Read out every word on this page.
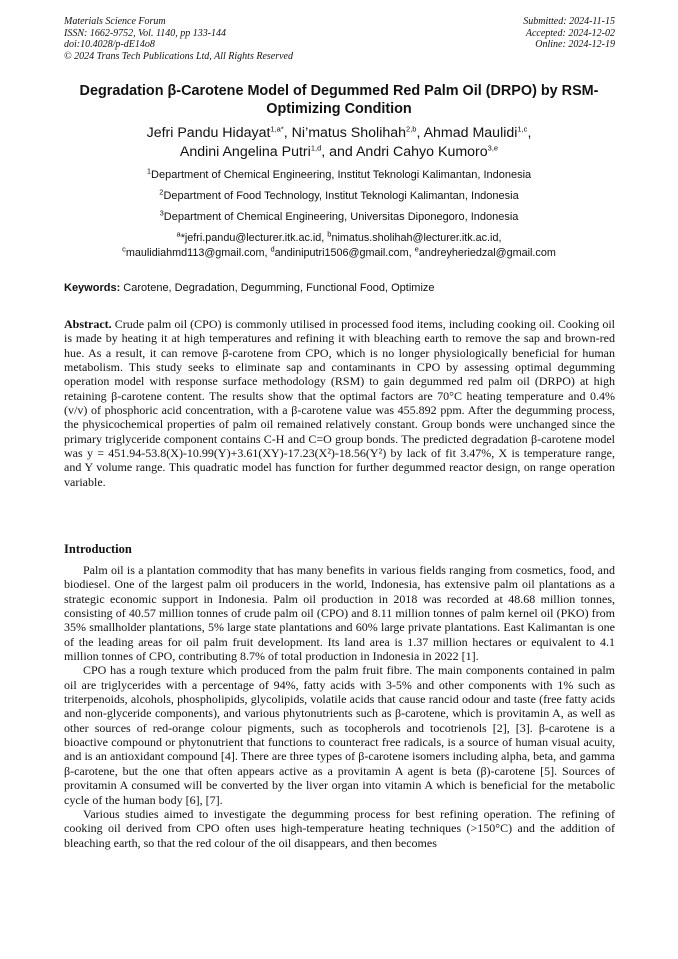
Materials Science Forum
ISSN: 1662-9752, Vol. 1140, pp 133-144
doi:10.4028/p-dE14o8
© 2024 Trans Tech Publications Ltd, All Rights Reserved
Submitted: 2024-11-15
Accepted: 2024-12-02
Online: 2024-12-19
Degradation β-Carotene Model of Degummed Red Palm Oil (DRPO) by RSM-Optimizing Condition
Jefri Pandu Hidayat$^{1,a*}$, Ni’matus Sholihah$^{2,b}$, Ahmad Maulidi$^{1,c}$,
Andini Angelina Putri$^{1,d}$, and Andri Cahyo Kumoro$^{3,e}$
$^1$Department of Chemical Engineering, Institut Teknologi Kalimantan, Indonesia
$^2$Department of Food Technology, Institut Teknologi Kalimantan, Indonesia
$^3$Department of Chemical Engineering, Universitas Diponegoro, Indonesia
$^a$*jefri.pandu@lecturer.itk.ac.id, $^b$nimatus.sholihah@lecturer.itk.ac.id,
$^c$maulidiahmd113@gmail.com, $^d$andiniputri1506@gmail.com, $^e$andreyheriedzal@gmail.com
Keywords: Carotene, Degradation, Degumming, Functional Food, Optimize

Abstract. Crude palm oil (CPO) is commonly utilised in processed food items, including cooking oil. Cooking oil is made by heating it at high temperatures and refining it with bleaching earth to remove the sap and brown-red hue. As a result, it can remove β-carotene from CPO, which is no longer physiologically beneficial for human metabolism. This study seeks to eliminate sap and contaminants in CPO by assessing optimal degumming operation model with response surface methodology (RSM) to gain degummed red palm oil (DRPO) at high retaining β-carotene content. The results show that the optimal factors are 70°C heating temperature and 0.4% (v/v) of phosphoric acid concentration, with a β-carotene value was 455.892 ppm. After the degumming process, the physicochemical properties of palm oil remained relatively constant. Group bonds were unchanged since the primary triglyceride component contains C-H and C=O group bonds. The predicted degradation β-carotene model was y = 451.94-53.8(X)-10.99(Y)+3.61(XY)-17.23(X²)-18.56(Y²) by lack of fit 3.47%, X is temperature range, and Y volume range. This quadratic model has function for further degummed reactor design, on range operation variable.

Introduction

Palm oil is a plantation commodity that has many benefits in various fields ranging from cosmetics, food, and biodiesel. One of the largest palm oil producers in the world, Indonesia, has extensive palm oil plantations as a strategic economic support in Indonesia. Palm oil production in 2018 was recorded at 48.68 million tonnes, consisting of 40.57 million tonnes of crude palm oil (CPO) and 8.11 million tonnes of palm kernel oil (PKO) from 35% smallholder plantations, 5% large state plantations and 60% large private plantations. East Kalimantan is one of the leading areas for oil palm fruit development. Its land area is 1.37 million hectares or equivalent to 4.1 million tonnes of CPO, contributing 8.7% of total production in Indonesia in 2022 [1].

CPO has a rough texture which produced from the palm fruit fibre. The main components contained in palm oil are triglycerides with a percentage of 94%, fatty acids with 3-5% and other components with 1% such as triterpenoids, alcohols, phospholipids, glycolipids, volatile acids that cause rancid odour and taste (free fatty acids and non-glyceride components), and various phytonutrients such as β-carotene, which is provitamin A, as well as other sources of red-orange colour pigments, such as tocopherols and tocotrienols [2], [3]. β-carotene is a bioactive compound or phytonutrient that functions to counteract free radicals, is a source of human visual acuity, and is an antioxidant compound [4]. There are three types of β-carotene isomers including alpha, beta, and gamma β-carotene, but the one that often appears active as a provitamin A agent is beta (β)-carotene [5]. Sources of provitamin A consumed will be converted by the liver organ into vitamin A which is beneficial for the metabolic cycle of the human body [6], [7].

Various studies aimed to investigate the degumming process for best refining operation. The refining of cooking oil derived from CPO often uses high-temperature heating techniques (>150°C) and the addition of bleaching earth, so that the red colour of the oil disappears, and then becomes
